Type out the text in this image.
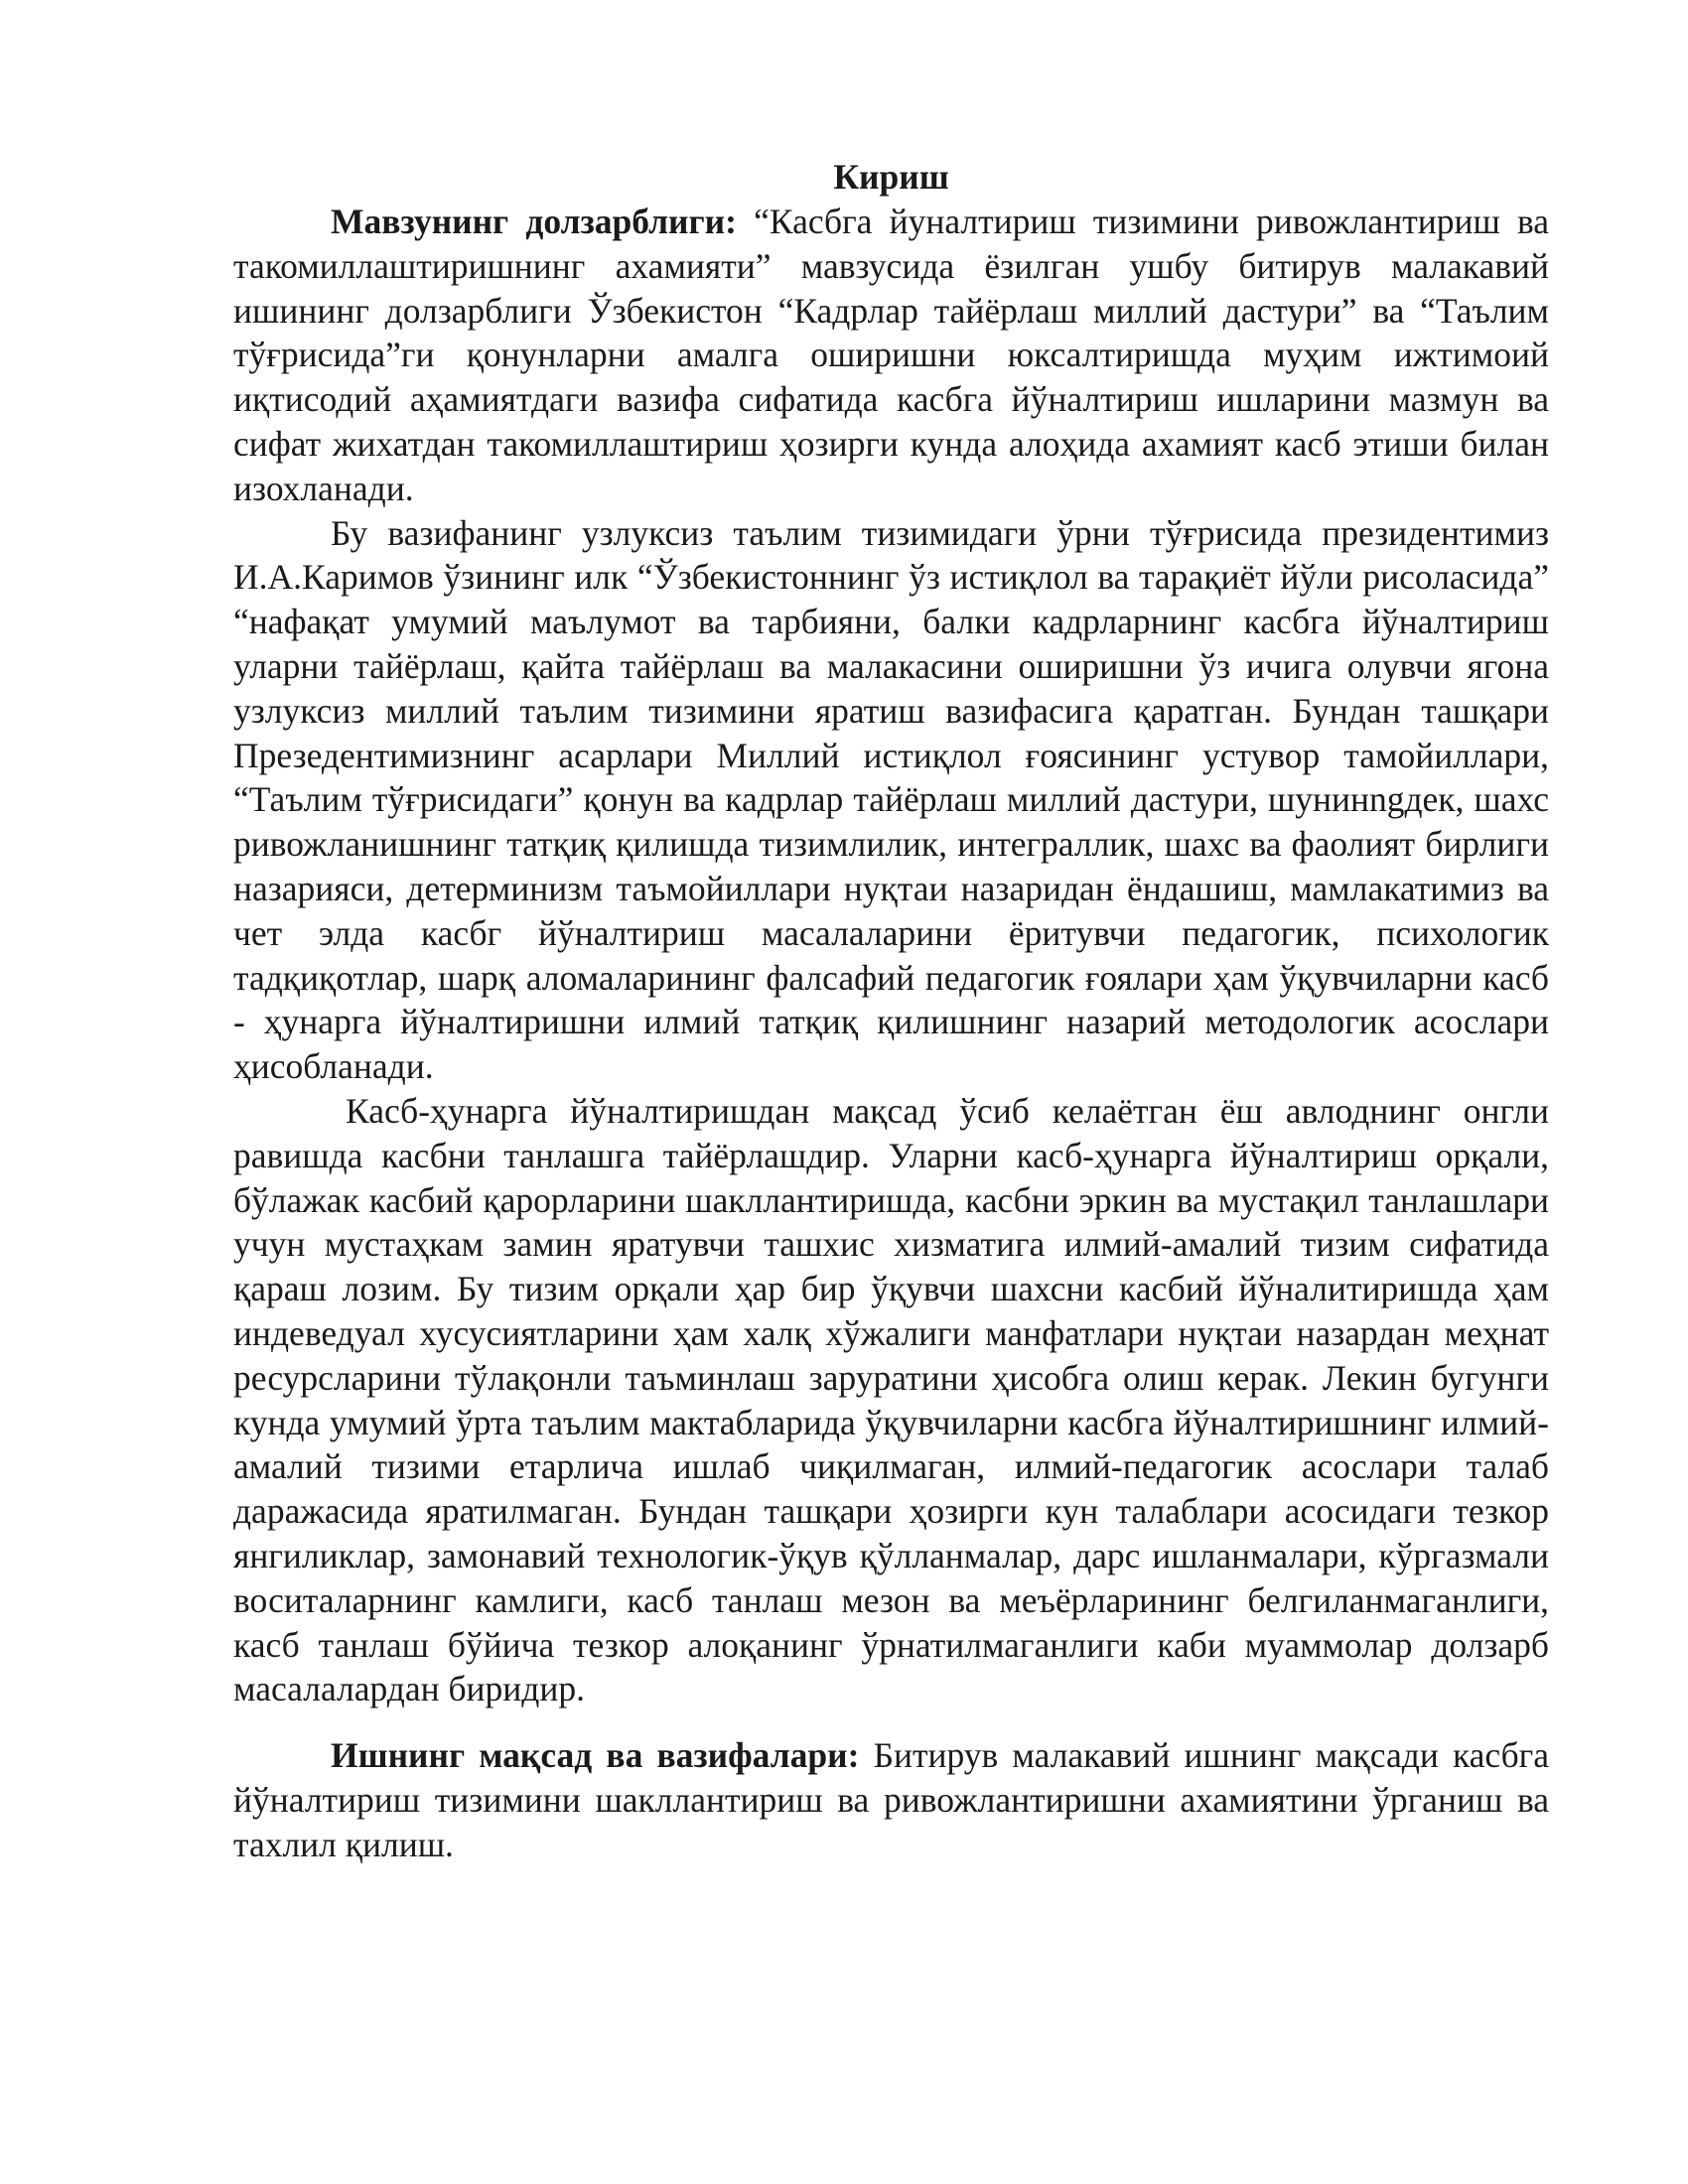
Кириш

Мавзунинг долзарблиги: “Касбга йуналтириш тизимини ривожлантириш ва такомиллаштиришнинг ахамияти” мавзусида ёзилган ушбу битирув малакавий ишининг долзарблиги Ўзбекистон “Кадрлар тайёрлаш миллий дастури” ва “Таълим тўғрисида”ги қонунларни амалга оширишни юксалтиришда муҳим ижтимоий иқтисодий аҳамиятдаги вазифа сифатида касбга йўналтириш ишларини мазмун ва сифат жихатдан такомиллаштириш ҳозирги кунда алоҳида ахамият касб этиши билан изохланади.

Бу вазифанинг узлуксиз таълим тизимидаги ўрни тўғрисида президентимиз И.А.Каримов ўзининг илк “Ўзбекистоннинг ўз истиқлол ва тарақиёт йўли рисоласида” “нафақат умумий маълумот ва тарбияни, балки кадрларнинг касбга йўналтириш уларни тайёрлаш, қайта тайёрлаш ва малакасини оширишни ўз ичига олувчи ягона узлуксиз миллий таълим тизимини яратиш вазифасига қаратган. Бундан ташқари Презедентимизнинг асарлари Миллий истиқлол ғоясининг устувор тамойиллари, “Таълим тўғрисидаги” қонун ва кадрлар тайёрлаш миллий дастури, шунинngдек, шахс ривожланишнинг татқиқ қилишда тизимлилик, интеграллик, шахс ва фаолият бирлиги назарияси, детерминизм таъмойиллари нуқтаи назаридан ёндашиш, мамлакатимиз ва чет элда касбг йўналтириш масалаларини ёритувчи педагогик, психологик тадқиқотлар, шарқ аломаларининг фалсафий педагогик ғоялари ҳам ўқувчиларни касб - ҳунарга йўналтиришни илмий татқиқ қилишнинг назарий методологик асослари ҳисобланади.

Касб-ҳунарга йўналтиришдан мақсад ўсиб келаётган ёш авлоднинг онгли равишда касбни танлашга тайёрлашдир. Уларни касб-ҳунарга йўналтириш орқали, бўлажак касбий қарорларини шакллантиришда, касбни эркин ва мустақил танлашлари учун мустаҳкам замин яратувчи ташхис хизматига илмий-амалий тизим сифатида қараш лозим. Бу тизим орқали ҳар бир ўқувчи шахсни касбий йўналитиришда ҳам индеведуал хусусиятларини ҳам халқ хўжалиги манфатлари нуқтаи назардан меҳнат ресурсларини тўлақонли таъминлаш заруратини ҳисобга олиш керак. Лекин бугунги кунда умумий ўрта таълим мактабларида ўқувчиларни касбга йўналтиришнинг илмий-амалий тизими етарлича ишлаб чиқилмаган, илмий-педагогик асослари талаб даражасида яратилмаган. Бундан ташқари ҳозирги кун талаблари асосидаги тезкор янгиликлар, замонавий технологик-ўқув қўлланмалар, дарс ишланмалари, кўргазмали воситаларнинг камлиги, касб танлаш мезон ва меъёрларининг белгиланмаганлиги, касб танлаш бўйича тезкор алоқанинг ўрнатилмаганлиги каби муаммолар долзарб масалалардан биридир.

Ишнинг мақсад ва вазифалари: Битирув малакавий ишнинг мақсади касбга йўналтириш тизимини шакллантириш ва ривожлантиришни ахамиятини ўрганиш ва тахлил қилиш.
